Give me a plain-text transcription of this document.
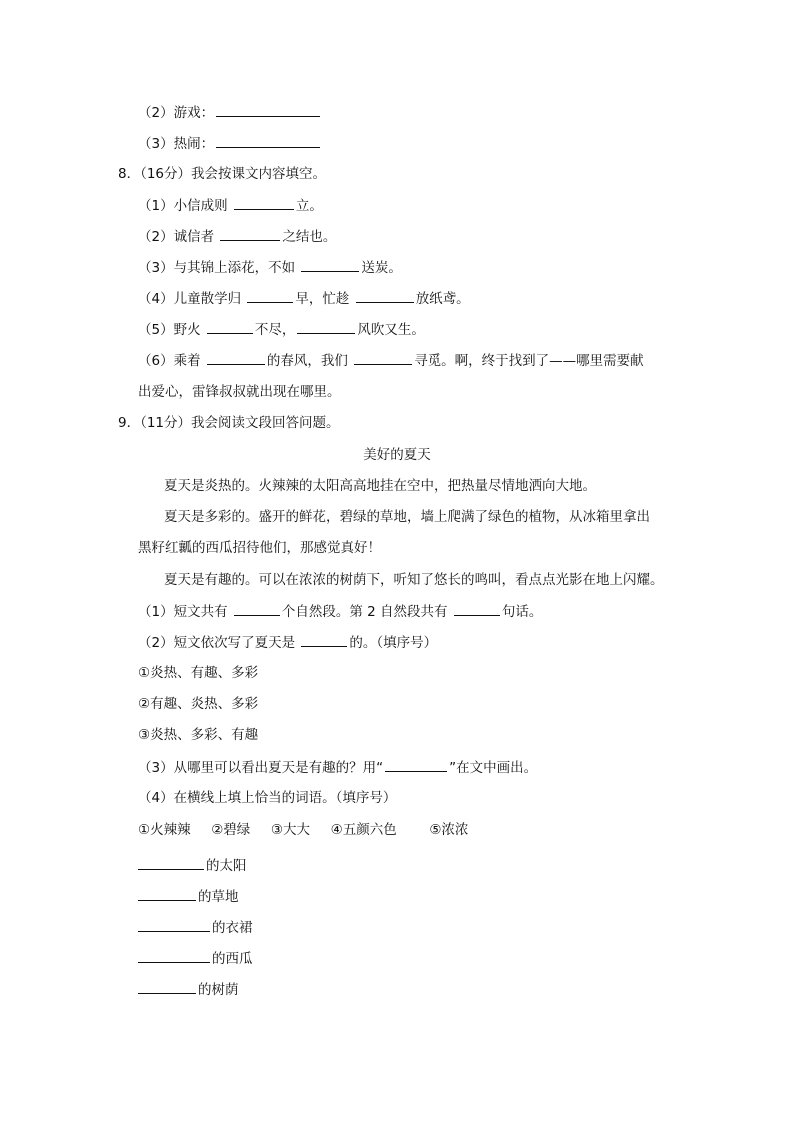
（2）游戏：
（3）热闹：
8．（16分）我会按课文内容填空。
（1）小信成则	立。
（2）诚信者	之结也。
（3）与其锦上添花，不如	送炭。
（4）儿童散学归	早，忙趁	放纸鸢。
（5）野火	不尽，	风吹又生。
（6）乘着	的春风，我们	寻觅。啊，终于找到了——哪里需要献
出爱心，雷锋叔叔就出现在哪里。
9．（11分）我会阅读文段回答问题。
美好的夏天
夏天是炎热的。火辣辣的太阳高高地挂在空中，把热量尽情地洒向大地。
夏天是多彩的。盛开的鲜花，碧绿的草地，墙上爬满了绿色的植物，从冰箱里拿出
黑籽红瓤的西瓜招待他们，那感觉真好！
夏天是有趣的。可以在浓浓的树荫下，听知了悠长的鸣叫，看点点光影在地上闪耀。
（1）短文共有	个自然段。第 2 自然段共有	句话。
（2）短文依次写了夏天是	的。（填序号）
①炎热、有趣、多彩
②有趣、炎热、多彩
③炎热、多彩、有趣
（3）从哪里可以看出夏天是有趣的？用“	”在文中画出。
（4）在横线上填上恰当的词语。（填序号）
①火辣辣 ②碧绿 ③大大 ④五颜六色 ⑤浓浓
的太阳
的草地
的衣裙
的西瓜
的树荫
